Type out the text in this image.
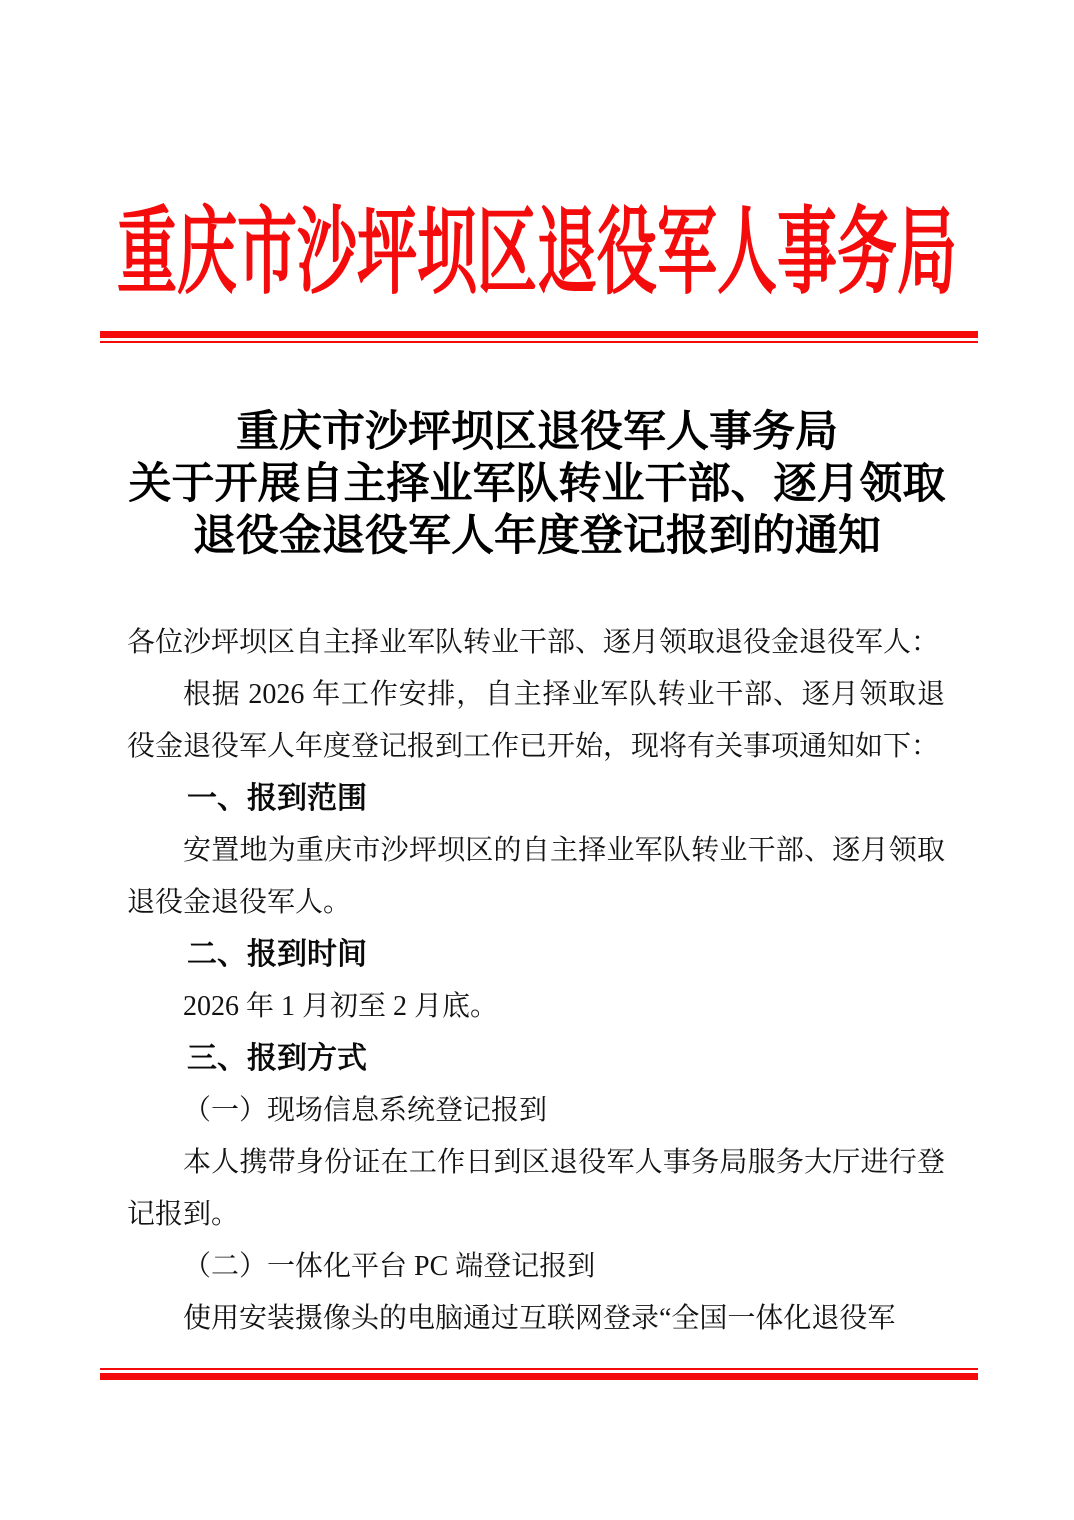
重庆市沙坪坝区退役军人事务局
重庆市沙坪坝区退役军人事务局
关于开展自主择业军队转业干部、逐月领取
退役金退役军人年度登记报到的通知

各位沙坪坝区自主择业军队转业干部、逐月领取退役金退役军人：

根据 2026 年工作安排，自主择业军队转业干部、逐月领取退役金退役军人年度登记报到工作已开始，现将有关事项通知如下：

一、报到范围

安置地为重庆市沙坪坝区的自主择业军队转业干部、逐月领取退役金退役军人。

二、报到时间

2026 年 1 月初至 2 月底。

三、报到方式

（一）现场信息系统登记报到

本人携带身份证在工作日到区退役军人事务局服务大厅进行登记报到。

（二）一体化平台 PC 端登记报到

使用安装摄像头的电脑通过互联网登录“全国一体化退役军
